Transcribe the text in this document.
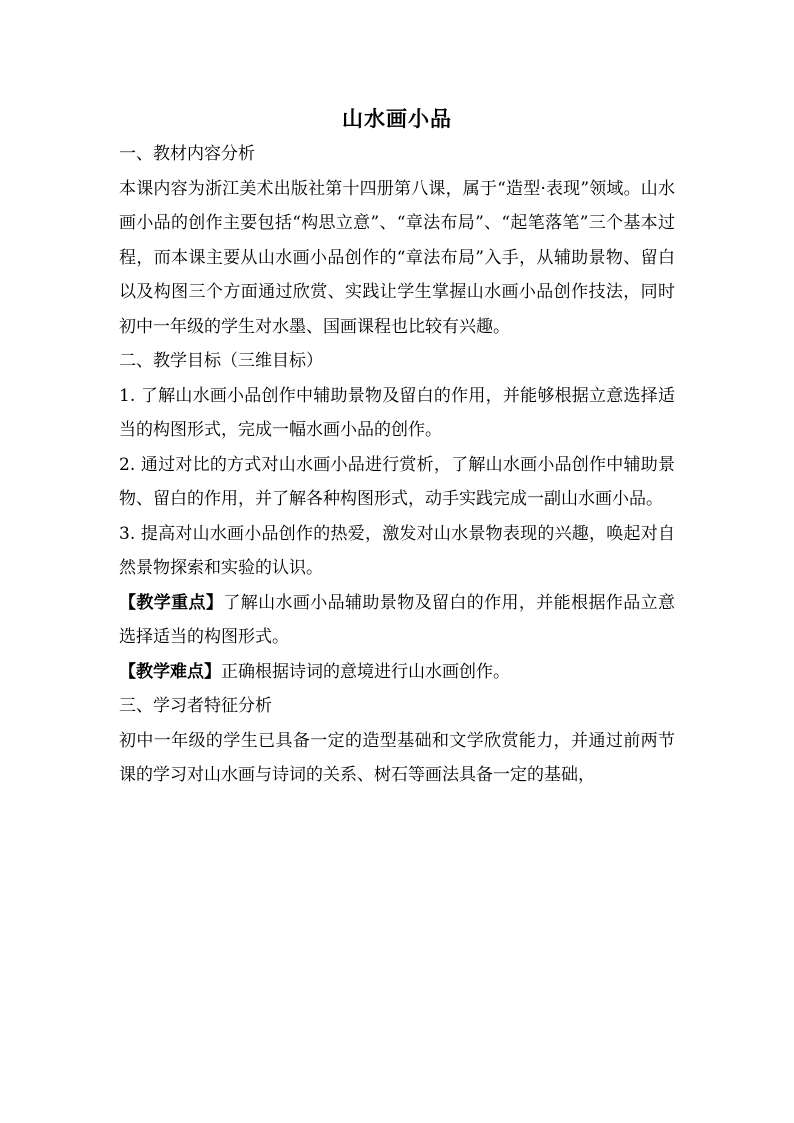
山水画小品

一、教材内容分析

本课内容为浙江美术出版社第十四册第八课，属于“造型·表现”领域。山水画小品的创作主要包括“构思立意”、“章法布局”、“起笔落笔”三个基本过程，而本课主要从山水画小品创作的“章法布局”入手，从辅助景物、留白以及构图三个方面通过欣赏、实践让学生掌握山水画小品创作技法，同时初中一年级的学生对水墨、国画课程也比较有兴趣。

二、教学目标（三维目标）

1. 了解山水画小品创作中辅助景物及留白的作用，并能够根据立意选择适当的构图形式，完成一幅水画小品的创作。

2. 通过对比的方式对山水画小品进行赏析，了解山水画小品创作中辅助景物、留白的作用，并了解各种构图形式，动手实践完成一副山水画小品。

3. 提高对山水画小品创作的热爱，激发对山水景物表现的兴趣，唤起对自然景物探索和实验的认识。

【教学重点】了解山水画小品辅助景物及留白的作用，并能根据作品立意选择适当的构图形式。

【教学难点】正确根据诗词的意境进行山水画创作。

三、学习者特征分析

初中一年级的学生已具备一定的造型基础和文学欣赏能力，并通过前两节课的学习对山水画与诗词的关系、树石等画法具备一定的基础，
